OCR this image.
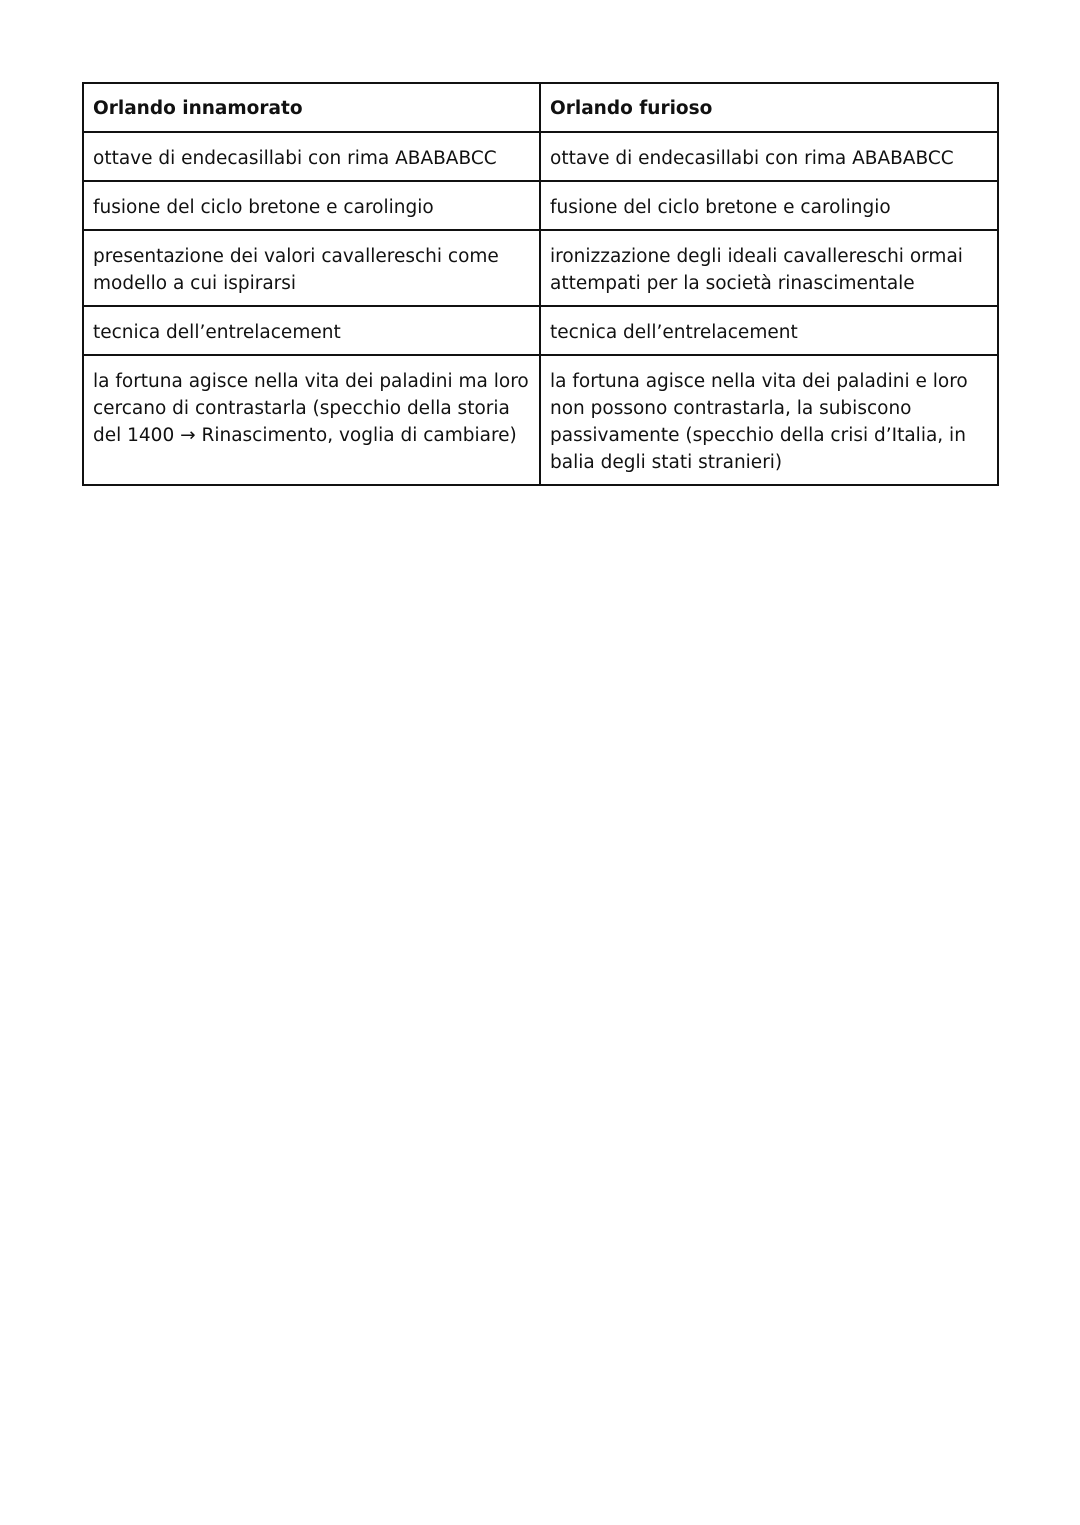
Orlando innamorato	Orlando furioso

ottave di endecasillabi con rima ABABABCC	ottave di endecasillabi con rima ABABABCC

fusione del ciclo bretone e carolingio	fusione del ciclo bretone e carolingio

presentazione dei valori cavallereschi come modello a cui ispirarsi	ironizzazione degli ideali cavallereschi ormai attempati per la società rinascimentale

tecnica dell’entrelacement	tecnica dell’entrelacement

la fortuna agisce nella vita dei paladini ma loro cercano di contrastarla (specchio della storia del 1400 → Rinascimento, voglia di cambiare)	la fortuna agisce nella vita dei paladini e loro non possono contrastarla, la subiscono passivamente (specchio della crisi d’Italia, in balia degli stati stranieri)
